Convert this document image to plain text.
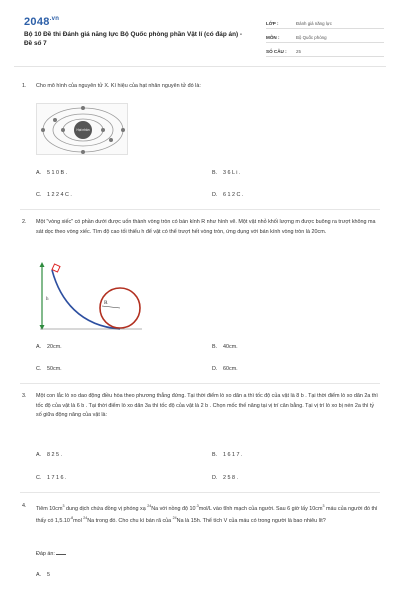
$2048^{.vn}$
Bộ 10 Đề thi Đánh giá năng lực Bộ Quốc phòng phần Vật lí (có đáp án) - Đề số 7
LỚP :	Đánh giá năng lực
MÔN :	Bộ Quốc phòng
SỐ CÂU :	25
1. Cho mô hình của nguyên tử X. Kí hiệu của hạt nhân nguyên tử đó là:
Hạt nhân
A. 5 1 0 B .	B. 3 6 L i .
C. 1 2 2 4 C .	D. 6 1 2 C .
2. Một "vòng xiếc" có phần dưới được uốn thành vòng tròn có bán kính R như hình vẽ. Một vật nhỏ khối lượng m được buông ra trượt không ma sát dọc theo vòng xiếc. Tìm độ cao tối thiểu h để vật có thể trượt hết vòng tròn, ứng dụng với bán kính vòng tròn là 20cm.
h
R
A. 20cm.	B. 40cm.
C. 50cm.	D. 60cm.
3. Một con lắc lò xo dao động điều hòa theo phương thẳng đứng. Tại thời điểm lò xo dãn a thì tốc độ của vật là 8 b . Tại thời điểm lò xo dãn 2a thì tốc độ của vật là 6 b . Tại thời điểm lò xo dãn 3a thì tốc độ của vật là 2 b . Chọn mốc thế năng tại vị trí cân bằng. Tại vị trí lò xo bị nén 2a thì tỷ số giữa động năng của vật là:
A. 8 2 5 .	B. 1 6 1 7 .
C. 1 7 1 6 .	D. 2 5 8 .
4. Tiêm $10cm^3$ dung dịch chứa đồng vị phóng xạ $^{24}$Na với nồng độ $10^{-3}mol/L$ vào tĩnh mạch của người. Sau 6 giờ lấy $10cm^3$ máu của người đó thì thấy có $1,5.10^{-8}mol$ $^{24}$Na trong đó. Cho chu kì bán rã của $^{24}$Na là 15h. Thể tích V của máu có trong người là bao nhiêu lít?
Đáp án:
A. 5
